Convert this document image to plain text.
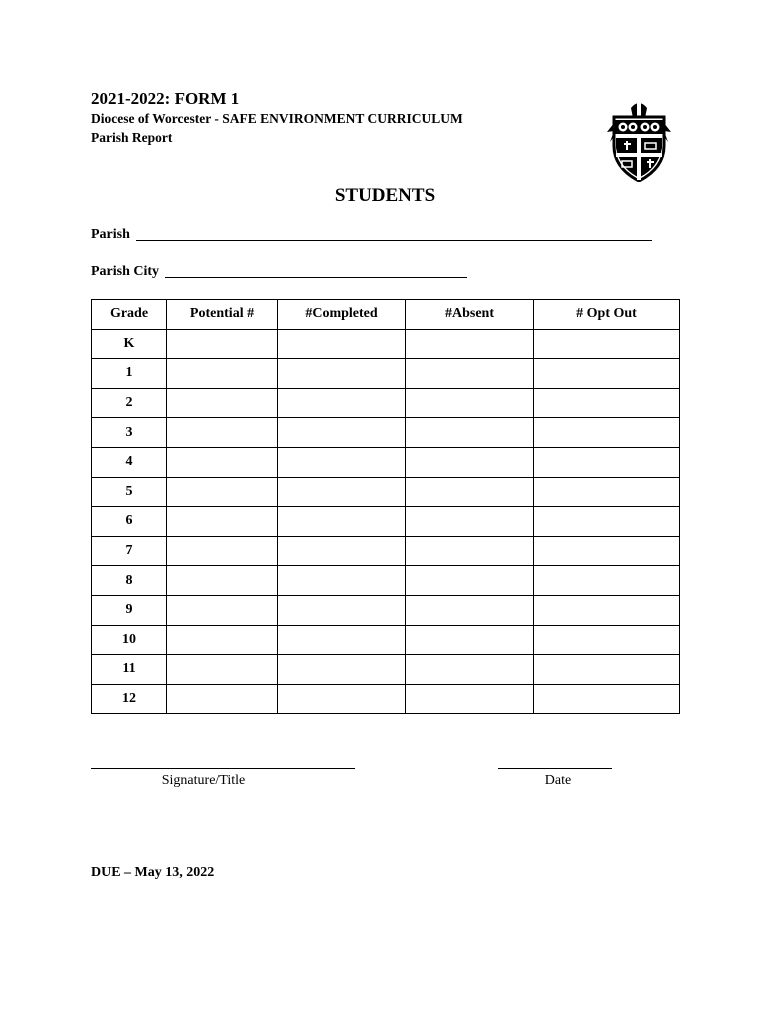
2021-2022: FORM 1
Diocese of Worcester - SAFE ENVIRONMENT CURRICULUM
Parish Report
STUDENTS
Parish
Parish City
Grade	Potential #	#Completed	#Absent	# Opt Out
K				
1				
2				
3				
4				
5				
6				
7				
8				
9				
10				
11				
12				
Signature/Title	Date
DUE – May 13, 2022
